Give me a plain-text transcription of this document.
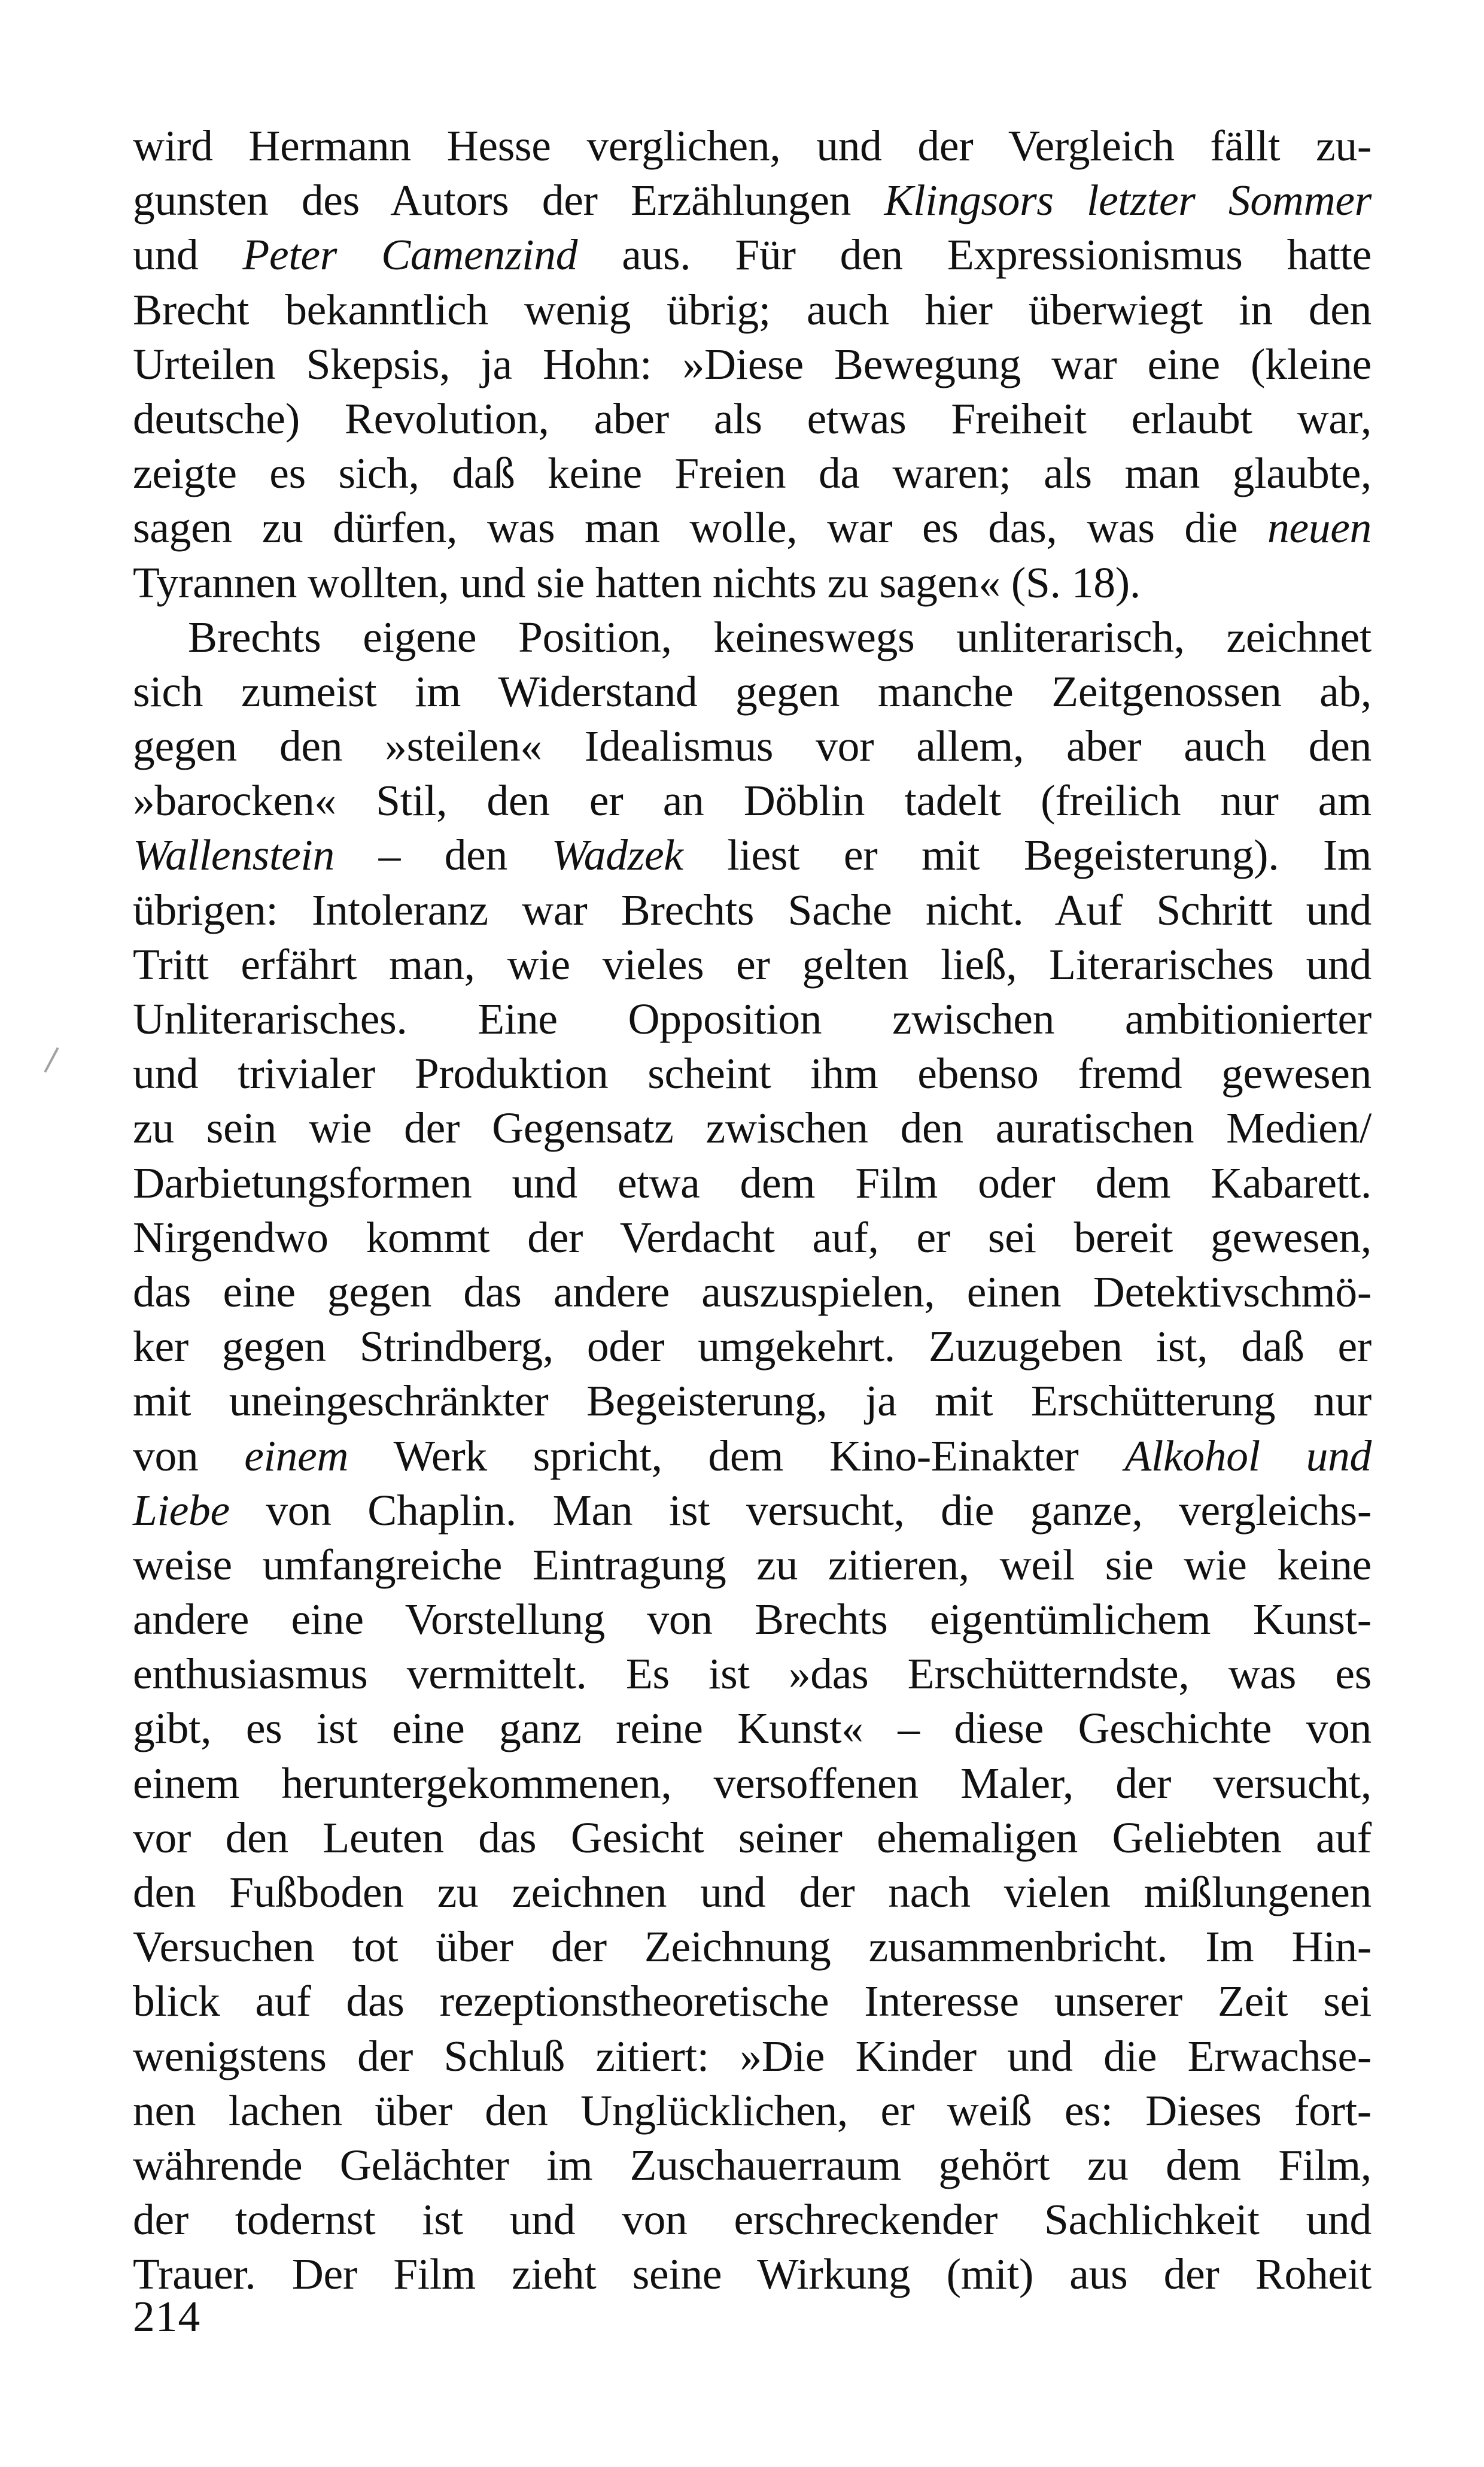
wird Hermann Hesse verglichen, und der Vergleich fällt zu-
gunsten des Autors der Erzählungen Klingsors letzter Sommer
und Peter Camenzind aus. Für den Expressionismus hatte
Brecht bekanntlich wenig übrig; auch hier überwiegt in den
Urteilen Skepsis, ja Hohn: »Diese Bewegung war eine (kleine
deutsche) Revolution, aber als etwas Freiheit erlaubt war,
zeigte es sich, daß keine Freien da waren; als man glaubte,
sagen zu dürfen, was man wolle, war es das, was die neuen
Tyrannen wollten, und sie hatten nichts zu sagen« (S. 18).
Brechts eigene Position, keineswegs unliterarisch, zeichnet
sich zumeist im Widerstand gegen manche Zeitgenossen ab,
gegen den »steilen« Idealismus vor allem, aber auch den
»barocken« Stil, den er an Döblin tadelt (freilich nur am
Wallenstein – den Wadzek liest er mit Begeisterung). Im
übrigen: Intoleranz war Brechts Sache nicht. Auf Schritt und
Tritt erfährt man, wie vieles er gelten ließ, Literarisches und
Unliterarisches. Eine Opposition zwischen ambitionierter
und trivialer Produktion scheint ihm ebenso fremd gewesen
zu sein wie der Gegensatz zwischen den auratischen Medien/
Darbietungsformen und etwa dem Film oder dem Kabarett.
Nirgendwo kommt der Verdacht auf, er sei bereit gewesen,
das eine gegen das andere auszuspielen, einen Detektivschmö-
ker gegen Strindberg, oder umgekehrt. Zuzugeben ist, daß er
mit uneingeschränkter Begeisterung, ja mit Erschütterung nur
von einem Werk spricht, dem Kino-Einakter Alkohol und
Liebe von Chaplin. Man ist versucht, die ganze, vergleichs-
weise umfangreiche Eintragung zu zitieren, weil sie wie keine
andere eine Vorstellung von Brechts eigentümlichem Kunst-
enthusiasmus vermittelt. Es ist »das Erschütterndste, was es
gibt, es ist eine ganz reine Kunst« – diese Geschichte von
einem heruntergekommenen, versoffenen Maler, der versucht,
vor den Leuten das Gesicht seiner ehemaligen Geliebten auf
den Fußboden zu zeichnen und der nach vielen mißlungenen
Versuchen tot über der Zeichnung zusammenbricht. Im Hin-
blick auf das rezeptionstheoretische Interesse unserer Zeit sei
wenigstens der Schluß zitiert: »Die Kinder und die Erwachse-
nen lachen über den Unglücklichen, er weiß es: Dieses fort-
währende Gelächter im Zuschauerraum gehört zu dem Film,
der todernst ist und von erschreckender Sachlichkeit und
Trauer. Der Film zieht seine Wirkung (mit) aus der Roheit
214
